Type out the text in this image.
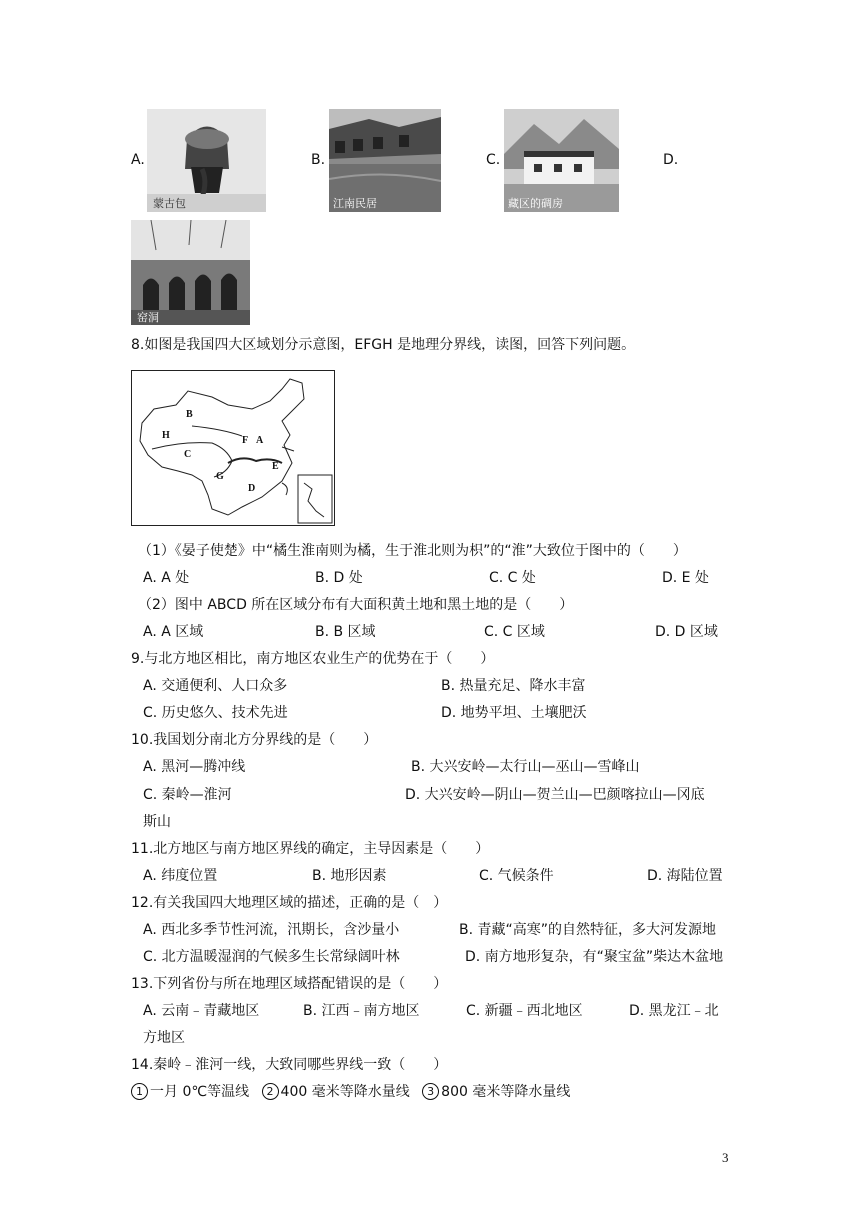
A.
蒙古包
B.
江南民居
C.
藏区的碉房
D.
窑洞
8.如图是我国四大区域划分示意图，EFGH 是地理分界线，读图，回答下列问题。
B
H
C
F A
E
G
D
（1）《晏子使楚》中“橘生淮南则为橘，生于淮北则为枳”的“淮”大致位于图中的（　　）
A. A 处	B. D 处	C. C 处	D. E 处
（2）图中 ABCD 所在区域分布有大面积黄土地和黑土地的是（　　）
A. A 区域	B. B 区域	C. C 区域	D. D 区域
9.与北方地区相比，南方地区农业生产的优势在于（　　）
A. 交通便利、人口众多	B. 热量充足、降水丰富
C. 历史悠久、技术先进	D. 地势平坦、土壤肥沃
10.我国划分南北方分界线的是（　　）
A. 黑河—腾冲线	B. 大兴安岭—太行山—巫山—雪峰山
C. 秦岭—淮河	D. 大兴安岭—阴山—贺兰山—巴颜喀拉山—冈底
斯山
11.北方地区与南方地区界线的确定，主导因素是（　　）
A. 纬度位置	B. 地形因素	C. 气候条件	D. 海陆位置
12.有关我国四大地理区域的描述，正确的是（　）
A. 西北多季节性河流，汛期长，含沙量小	B. 青藏“高寒”的自然特征，多大河发源地
C. 北方温暖湿润的气候多生长常绿阔叶林	D. 南方地形复杂，有“聚宝盆”柴达木盆地
13.下列省份与所在地理区域搭配错误的是（　　）
A. 云南﹣青藏地区	B. 江西﹣南方地区	C. 新疆﹣西北地区	D. 黑龙江﹣北
方地区
14.秦岭﹣淮河一线，大致同哪些界线一致（　　）
1 一月 0℃等温线 2 400 毫米等降水量线 3 800 毫米等降水量线
3
